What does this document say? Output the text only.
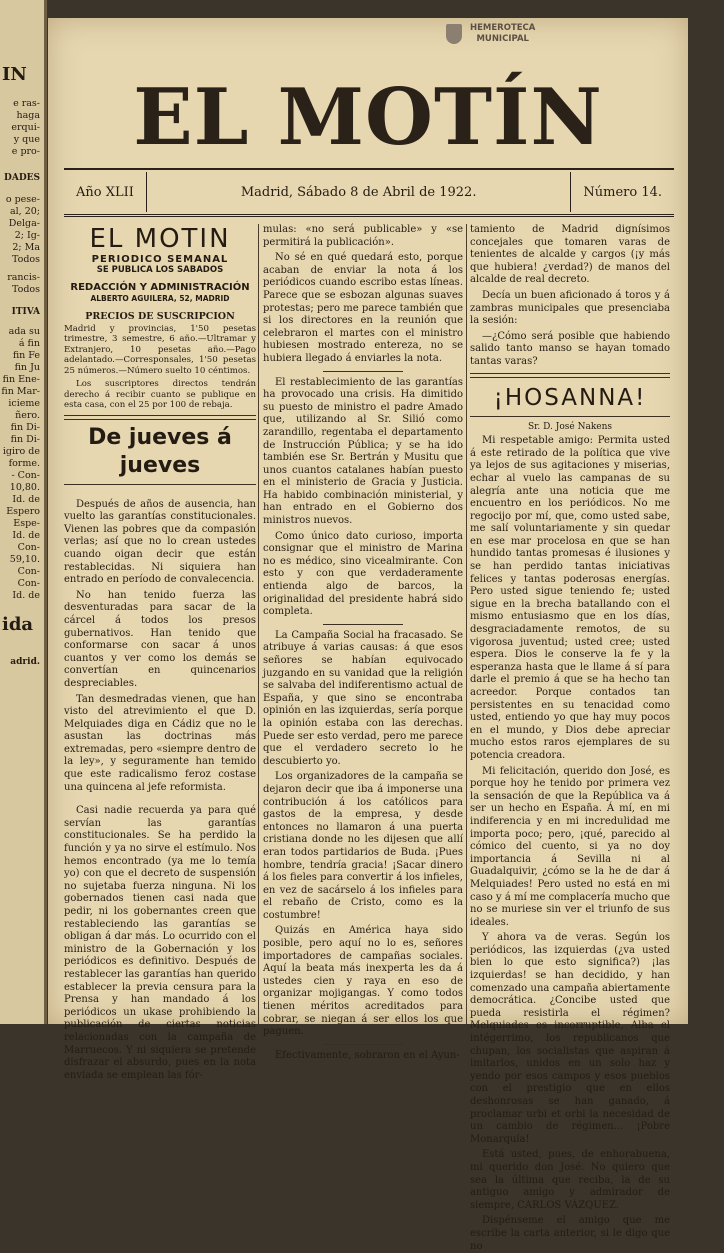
IN
e ras-
haga
erqui-
y que
e pro-
DADES
o pese-
al, 20;
Delga-
2; Ig-
2; Ma
Todos
rancis-
Todos
ITIVA
ada su
á fin
fin Fe
fin Ju
fin Ene-
fin Mar-
icieme
ñero.
fin Di-
fin Di-
igiro de
forme.
- Con-
10,80.
Id. de
Espero
Espe-
Id. de
Con-
59,10.
Con-
Con-
Id. de
ida
adrid.
HEMEROTECA
MUNICIPAL
EL MOTÍN
Año XLII	Madrid, Sábado 8 de Abril de 1922.	Número 14.
EL MOTIN
PERIODICO SEMANAL
SE PUBLICA LOS SABADOS
REDACCIÓN Y ADMINISTRACIÓN
ALBERTO AGUILERA, 52, MADRID
PRECIOS DE SUSCRIPCION

Madrid y provincias, 1'50 pesetas trimestre, 3 semestre, 6 año.—Ultramar y Extranjero, 10 pesetas año.—Pago adelantado.—Corresponsales, 1'50 pesetas 25 números.—Número suelto 10 céntimos.

Los suscriptores directos tendrán derecho á recibir cuanto se publique en esta casa, con el 25 por 100 de rebaja.

De jueves á jueves

Después de años de ausencia, han vuelto las garantías constitucionales. Vienen las pobres que da compasión verlas; así que no lo crean ustedes cuando oigan decir que están restablecidas. Ni siquiera han entrado en período de convalecencia.

No han tenido fuerza las desventuradas para sacar de la cárcel á todos los presos gubernativos. Han tenido que conformarse con sacar á unos cuantos y ver como los demás se convertían en quincenarios despreciables.

Tan desmedradas vienen, que han visto del atrevimiento el que D. Melquiades diga en Cádiz que no le asustan las doctrinas más extremadas, pero «siempre dentro de la ley», y seguramente han temido que este radicalismo feroz costase una quincena al jefe reformista.

Casi nadie recuerda ya para qué servían las garantías constitucionales. Se ha perdido la función y ya no sirve el estímulo. Nos hemos encontrado (ya me lo temía yo) con que el decreto de suspensión no sujetaba fuerza ninguna. Ni los gobernados tienen casi nada que pedir, ni los gobernantes creen que restableciendo las garantías se obligan á dar más. Lo ocurrido con el ministro de la Gobernación y los periódicos es definitivo. Después de restablecer las garantías han querido establecer la previa censura para la Prensa y han mandado á los periódicos un ukase prohibiendo la publicación de ciertas noticias relacionadas con la campaña de Marruecos. Y ni siquiera se pretende disfrazar el absurdo, pues en la nota enviada se emplean las fór-

mulas: «no será publicable» y «se permitirá la publicación».

No sé en qué quedará esto, porque acaban de enviar la nota á los periódicos cuando escribo estas líneas. Parece que se esbozan algunas suaves protestas; pero me parece también que si los directores en la reunión que celebraron el martes con el ministro hubiesen mostrado entereza, no se hubiera llegado á enviarles la nota.

El restablecimiento de las garantías ha provocado una crisis. Ha dimitido su puesto de ministro el padre Amado que, utilizando al Sr. Silió como zarandillo, regentaba el departamento de Instrucción Pública; y se ha ido también ese Sr. Bertrán y Musitu que unos cuantos catalanes habían puesto en el ministerio de Gracia y Justicia. Ha habido combinación ministerial, y han entrado en el Gobierno dos ministros nuevos.

Como único dato curioso, importa consignar que el ministro de Marina no es médico, sino vicealmirante. Con esto y con que verdaderamente entienda algo de barcos, la originalidad del presidente habrá sido completa.

La Campaña Social ha fracasado. Se atribuye á varias causas: á que esos señores se habían equivocado juzgando en su vanidad que la religión se salvaba del indiferentismo actual de España, y que sino se encontraba opinión en las izquierdas, sería porque la opinión estaba con las derechas. Puede ser esto verdad, pero me parece que el verdadero secreto lo he descubierto yo.

Los organizadores de la campaña se dejaron decir que iba á imponerse una contribución á los católicos para gastos de la empresa, y desde entonces no llamaron á una puerta cristiana donde no les dijesen que allí eran todos partidarios de Buda. ¡Pues hombre, tendría gracia! ¡Sacar dinero á los fieles para convertir á los infieles, en vez de sacárselo á los infieles para el rebaño de Cristo, como es la costumbre!

Quizás en América haya sido posible, pero aquí no lo es, señores importadores de campañas sociales. Aquí la beata más inexperta les da á ustedes cien y raya en eso de organizar mojigangas. Y como todos tienen méritos acreditados para cobrar, se niegan á ser ellos los que paguen.

Efectivamente, sobraron en el Ayun-

tamiento de Madrid dignísimos concejales que tomaren varas de tenientes de alcalde y cargos (¡y más que hubiera! ¿verdad?) de manos del alcalde de real decreto.

Decía un buen aficionado á toros y á zambras municipales que presenciaba la sesión:

—¿Cómo será posible que habiendo salido tanto manso se hayan tomado tantas varas?

¡HOSANNA!
Sr. D. José Nakens

Mi respetable amigo: Permita usted á este retirado de la política que vive ya lejos de sus agitaciones y miserias, echar al vuelo las campanas de su alegría ante una noticia que me encuentro en los periódicos. No me regocijo por mí, que, como usted sabe, me salí voluntariamente y sin quedar en ese mar procelosa en que se han hundido tantas promesas é ilusiones y se han perdido tantas iniciativas felices y tantas poderosas energías. Pero usted sigue teniendo fe; usted sigue en la brecha batallando con el mismo entusiasmo que en los días, desgraciadamente remotos, de su vigorosa juventud; usted cree; usted espera. Dios le conserve la fe y la esperanza hasta que le llame á sí para darle el premio á que se ha hecho tan acreedor. Porque contados tan persistentes en su tenacidad como usted, entiendo yo que hay muy pocos en el mundo, y Dios debe apreciar mucho estos raros ejemplares de su potencia creadora.

Mi felicitación, querido don José, es porque hoy he tenido por primera vez la sensación de que la República va á ser un hecho en España. Á mí, en mi indiferencia y en mi incredulidad me importa poco; pero, ¡qué, parecido al cómico del cuento, si ya no doy importancia á Sevilla ni al Guadalquivir, ¿cómo se la he de dar á Melquiades! Pero usted no está en mi caso y á mí me complacería mucho que no se muriese sin ver el triunfo de sus ideales.

Y ahora va de veras. Según los periódicos, las izquierdas (¿va usted bien lo que esto significa?) ¡las izquierdas! se han decidido, y han comenzado una campaña abiertamente democrática. ¿Concibe usted que pueda resistirla el régimen? Melquiades es incorruptible, Alba el intégerrimo, los republicanos que chupan, los socialistas que aspiran á imitarlos, unidos en un solo haz y yendo por esos campos y esos pueblos con el prestigio que en ellos deshonrosas se han ganado, á proclamar urbi et orbi la necesidad de un cambio de régimen... ¡Pobre Monarquía!

Está usted, pues, de enhorabuena, mi querido don José. No quiero que sea la última que reciba, la de su antiguo amigo y admirador de siempre, CARLOS VÁZQUEZ.

Dispénseme el amigo que me escribe la carta anterior, si le digo que no
